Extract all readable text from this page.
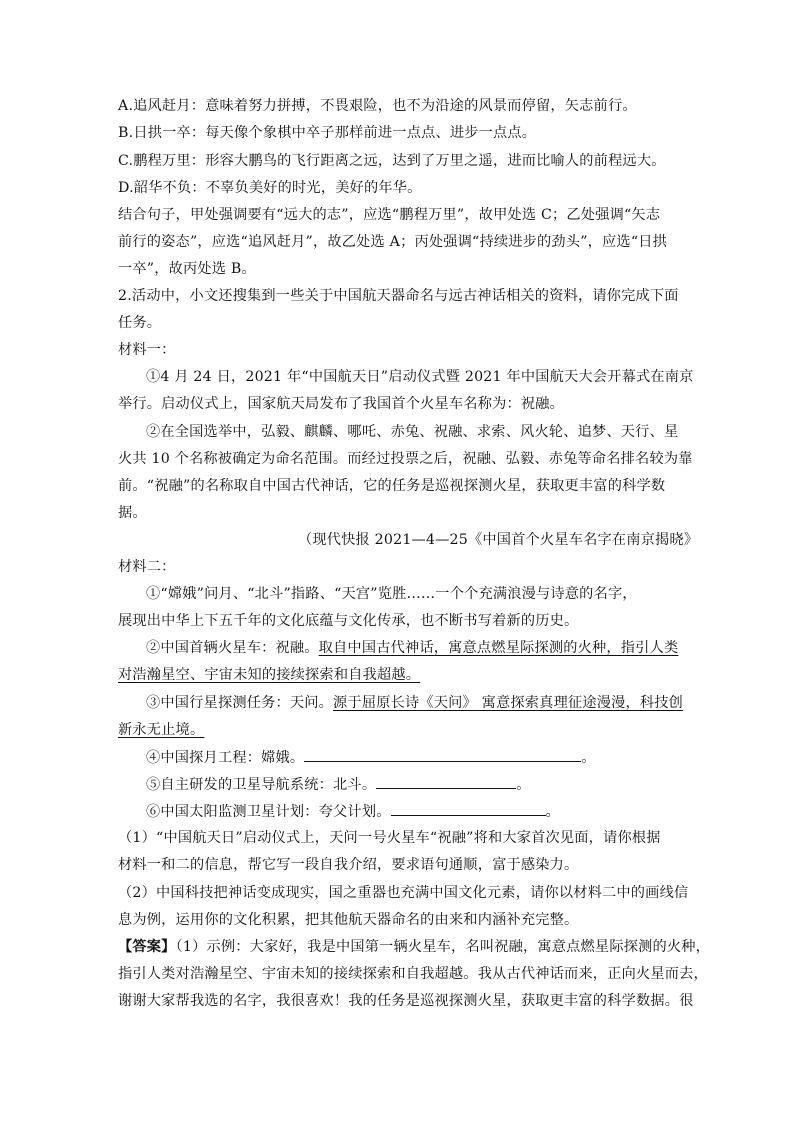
A.追风赶月：意味着努力拼搏，不畏艰险，也不为沿途的风景而停留，矢志前行。
B.日拱一卒：每天像个象棋中卒子那样前进一点点、进步一点点。
C.鹏程万里：形容大鹏鸟的飞行距离之远，达到了万里之遥，进而比喻人的前程远大。
D.韶华不负：不辜负美好的时光，美好的年华。
结合句子，甲处强调要有“远大的志”，应选“鹏程万里”，故甲处选 C；乙处强调“矢志
前行的姿态”，应选“追风赶月”，故乙处选 A；丙处强调“持续进步的劲头”，应选“日拱
一卒”，故丙处选 B。
2.活动中，小文还搜集到一些关于中国航天器命名与远古神话相关的资料，请你完成下面
任务。
材料一：
①4 月 24 日，2021 年“中国航天日”启动仪式暨 2021 年中国航天大会开幕式在南京
举行。启动仪式上，国家航天局发布了我国首个火星车名称为：祝融。
②在全国选举中，弘毅、麒麟、哪吒、赤兔、祝融、求索、风火轮、追梦、天行、星
火共 10 个名称被确定为命名范围。而经过投票之后，祝融、弘毅、赤兔等命名排名较为靠
前。“祝融”的名称取自中国古代神话，它的任务是巡视探测火星，获取更丰富的科学数
据。
（现代快报 2021—4—25《中国首个火星车名字在南京揭晓》
材料二：
①“嫦娥”问月、“北斗”指路、“天宫”览胜……一个个充满浪漫与诗意的名字，
展现出中华上下五千年的文化底蕴与文化传承，也不断书写着新的历史。
②中国首辆火星车：祝融。取自中国古代神话，寓意点燃星际探测的火种，指引人类
对浩瀚星空、宇宙未知的接续探索和自我超越。
③中国行星探测任务：天问。源于屈原长诗《天问》 寓意探索真理征途漫漫，科技创
新永无止境。
④中国探月工程：嫦娥。	。
⑤自主研发的卫星导航系统：北斗。	。
⑥中国太阳监测卫星计划：夸父计划。	。
（1）“中国航天日”启动仪式上，天问一号火星车“祝融”将和大家首次见面，请你根据
材料一和二的信息，帮它写一段自我介绍，要求语句通顺，富于感染力。
（2）中国科技把神话变成现实，国之重器也充满中国文化元素，请你以材料二中的画线信
息为例，运用你的文化积累，把其他航天器命名的由来和内涵补充完整。
【答案】（1）示例：大家好，我是中国第一辆火星车，名叫祝融，寓意点燃星际探测的火种，
指引人类对浩瀚星空、宇宙未知的接续探索和自我超越。我从古代神话而来，正向火星而去，
谢谢大家帮我选的名字，我很喜欢！我的任务是巡视探测火星，获取更丰富的科学数据。很
